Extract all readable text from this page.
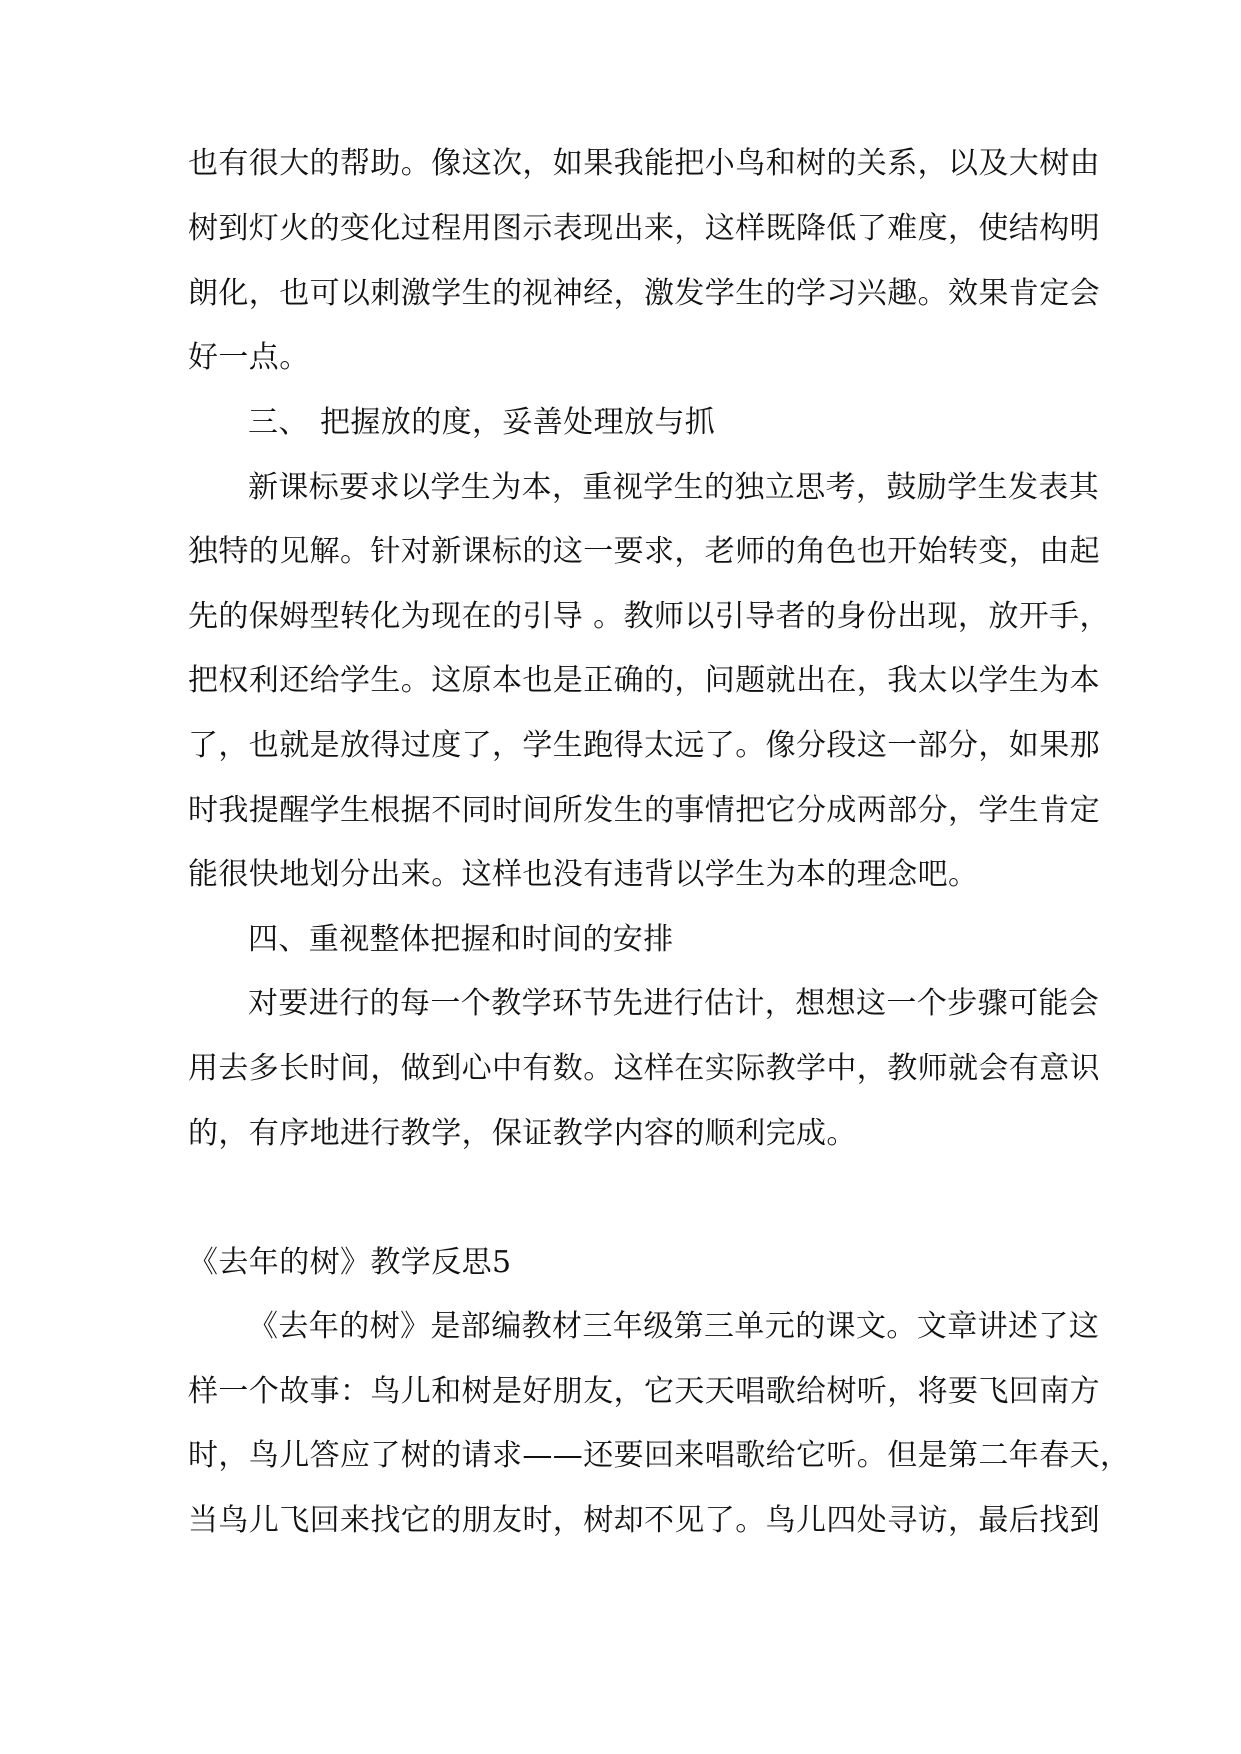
也有很大的帮助。像这次，如果我能把小鸟和树的关系，以及大树由
树到灯火的变化过程用图示表现出来，这样既降低了难度，使结构明
朗化，也可以刺激学生的视神经，激发学生的学习兴趣。效果肯定会
好一点。
三、 把握放的度，妥善处理放与抓
新课标要求以学生为本，重视学生的独立思考，鼓励学生发表其
独特的见解。针对新课标的这一要求，老师的角色也开始转变，由起
先的保姆型转化为现在的引导 。教师以引导者的身份出现，放开手，
把权利还给学生。这原本也是正确的，问题就出在，我太以学生为本
了，也就是放得过度了，学生跑得太远了。像分段这一部分，如果那
时我提醒学生根据不同时间所发生的事情把它分成两部分，学生肯定
能很快地划分出来。这样也没有违背以学生为本的理念吧。
四、重视整体把握和时间的安排
对要进行的每一个教学环节先进行估计，想想这一个步骤可能会
用去多长时间，做到心中有数。这样在实际教学中，教师就会有意识
的，有序地进行教学，保证教学内容的顺利完成。
《去年的树》教学反思5
《去年的树》是部编教材三年级第三单元的课文。文章讲述了这
样一个故事：鸟儿和树是好朋友，它天天唱歌给树听，将要飞回南方
时，鸟儿答应了树的请求——还要回来唱歌给它听。但是第二年春天，
当鸟儿飞回来找它的朋友时，树却不见了。鸟儿四处寻访，最后找到
